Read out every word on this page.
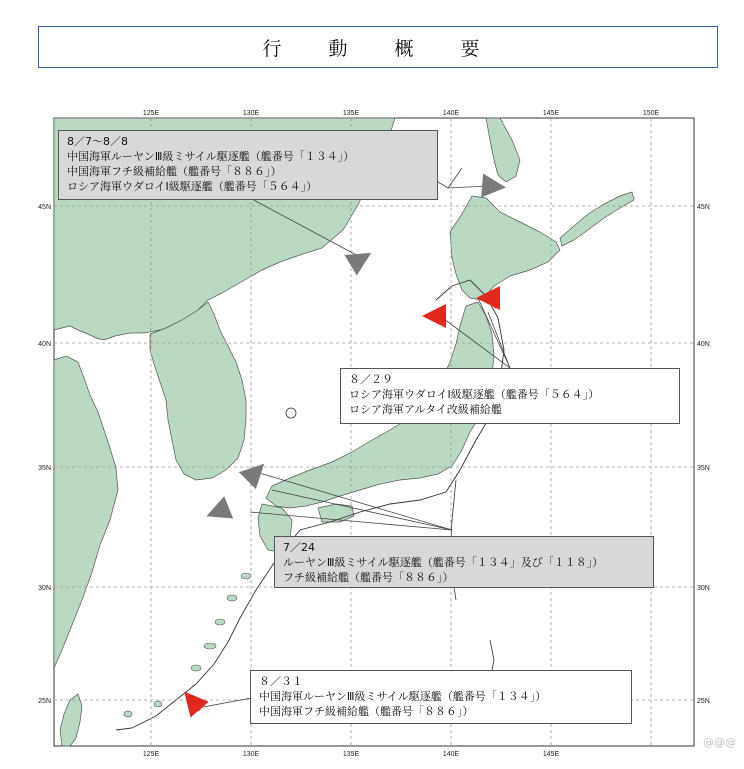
行　動　概　要
125E	130E	135E	140E	145E	150E
125E	130E	135E	140E	145E
45N
40N
35N
30N
25N
45N
40N
35N
30N
25N
8／7～8／8
中国海軍ルーヤンⅢ級ミサイル駆逐艦（艦番号「１３４」）
中国海軍フチ級補給艦（艦番号「８８６」）
ロシア海軍ウダロイⅠ級駆逐艦（艦番号「５６４」）
８／２９
ロシア海軍ウダロイⅠ級駆逐艦（艦番号「５６４」）
ロシア海軍アルタイ改級補給艦
7／24
ルーヤンⅢ級ミサイル駆逐艦（艦番号「１３４」及び「１１８」）
フチ級補給艦（艦番号「８８６」）
８／３１
中国海軍ルーヤンⅢ級ミサイル駆逐艦（艦番号「１３４」）
中国海軍フチ級補給艦（艦番号「８８６」）
@@@
